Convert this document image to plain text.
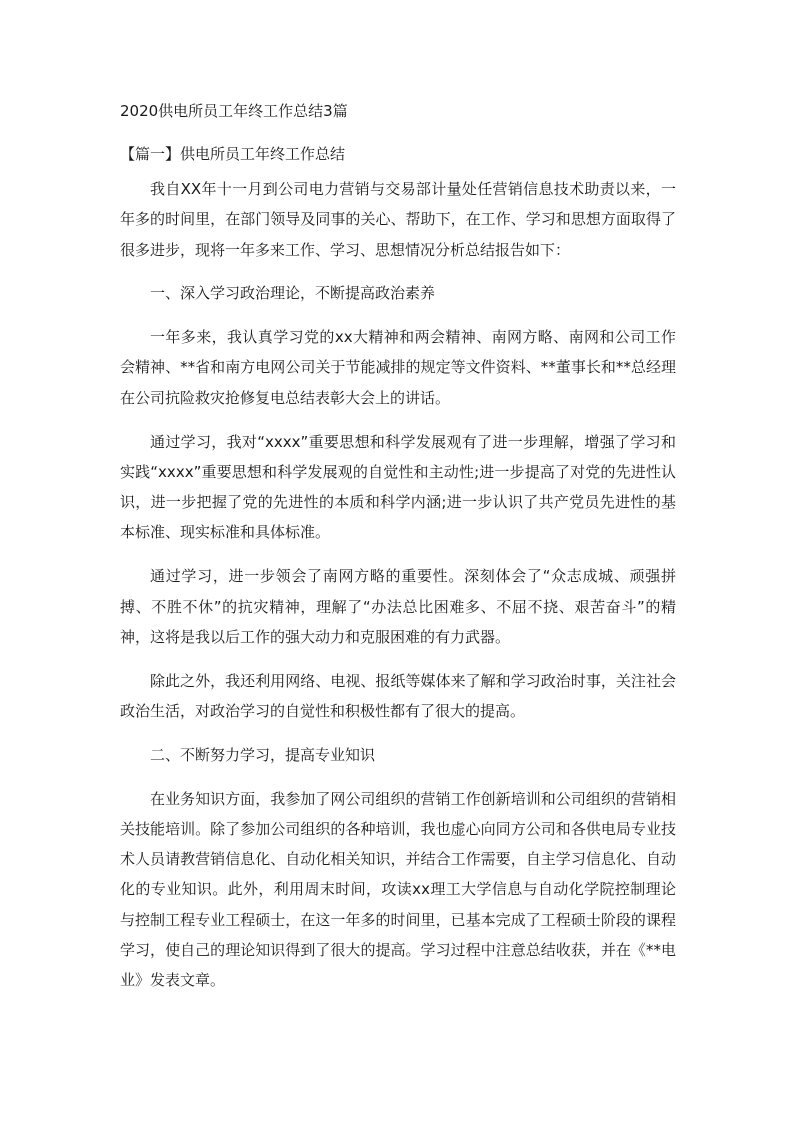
2020供电所员工年终工作总结3篇
【篇一】供电所员工年终工作总结

我自XX年十一月到公司电力营销与交易部计量处任营销信息技术助责以来，一年多的时间里，在部门领导及同事的关心、帮助下，在工作、学习和思想方面取得了很多进步，现将一年多来工作、学习、思想情况分析总结报告如下：

一、深入学习政治理论，不断提高政治素养

一年多来，我认真学习党的xx大精神和两会精神、南网方略、南网和公司工作会精神、**省和南方电网公司关于节能减排的规定等文件资料、**董事长和**总经理在公司抗险救灾抢修复电总结表彰大会上的讲话。

通过学习，我对“xxxx”重要思想和科学发展观有了进一步理解，增强了学习和实践“xxxx”重要思想和科学发展观的自觉性和主动性;进一步提高了对党的先进性认识，进一步把握了党的先进性的本质和科学内涵;进一步认识了共产党员先进性的基本标准、现实标准和具体标准。

通过学习，进一步领会了南网方略的重要性。深刻体会了“众志成城、顽强拼搏、不胜不休”的抗灾精神，理解了“办法总比困难多、不屈不挠、艰苦奋斗”的精神，这将是我以后工作的强大动力和克服困难的有力武器。

除此之外，我还利用网络、电视、报纸等媒体来了解和学习政治时事，关注社会政治生活，对政治学习的自觉性和积极性都有了很大的提高。

二、不断努力学习，提高专业知识

在业务知识方面，我参加了网公司组织的营销工作创新培训和公司组织的营销相关技能培训。除了参加公司组织的各种培训，我也虚心向同方公司和各供电局专业技术人员请教营销信息化、自动化相关知识，并结合工作需要，自主学习信息化、自动化的专业知识。此外，利用周末时间，攻读xx理工大学信息与自动化学院控制理论与控制工程专业工程硕士，在这一年多的时间里，已基本完成了工程硕士阶段的课程学习，使自己的理论知识得到了很大的提高。学习过程中注意总结收获，并在《**电业》发表文章。
